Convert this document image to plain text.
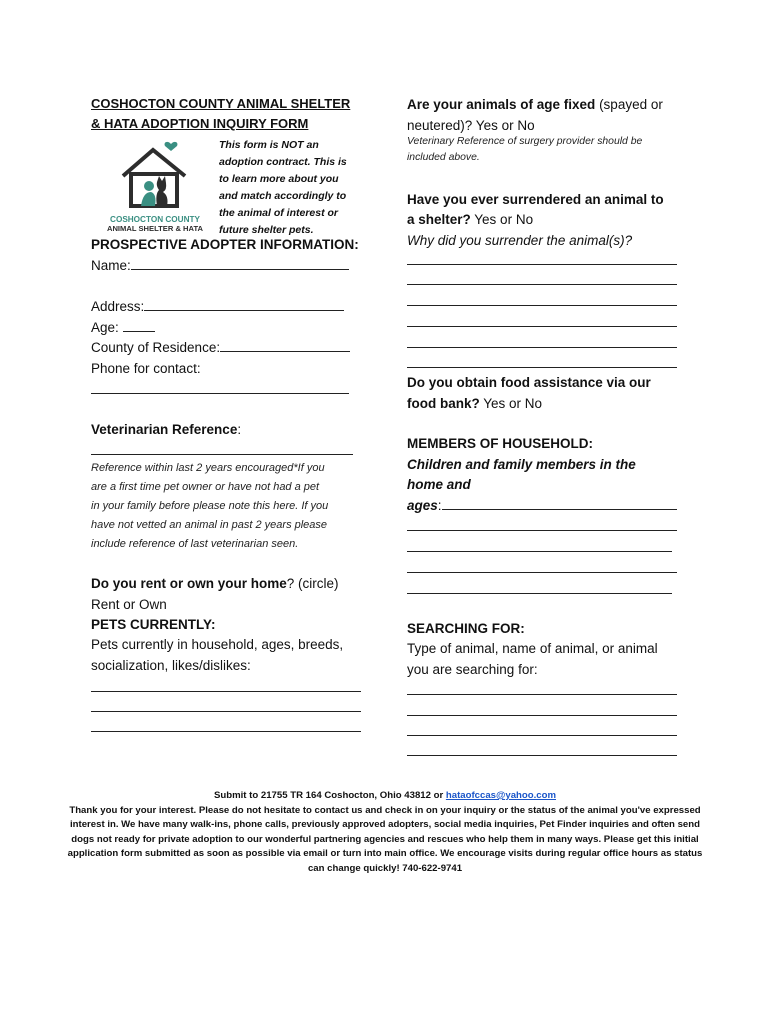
COSHOCTON COUNTY ANIMAL SHELTER
& HATA ADOPTION INQUIRY FORM
COSHOCTON COUNTY
ANIMAL SHELTER & HATA
This form is NOT an
adoption contract. This is
to learn more about you
and match accordingly to
the animal of interest or
future shelter pets.
PROSPECTIVE ADOPTER INFORMATION:
Name:
Address:
Age:
County of Residence:
Phone for contact:
Veterinarian Reference:
Reference within last 2 years encouraged*If you
are a first time pet owner or have not had a pet
in your family before please note this here. If you
have not vetted an animal in past 2 years please
include reference of last veterinarian seen.
Do you rent or own your home? (circle)
Rent or Own
PETS CURRENTLY:
Pets currently in household, ages, breeds,
socialization, likes/dislikes:
Are your animals of age fixed (spayed or
neutered)? Yes or No
Veterinary Reference of surgery provider should be
included above.
Have you ever surrendered an animal to
a shelter? Yes or No
Why did you surrender the animal(s)?
Do you obtain food assistance via our
food bank? Yes or No
MEMBERS OF HOUSEHOLD:
Children and family members in the
home and
ages:
SEARCHING FOR:
Type of animal, name of animal, or animal
you are searching for:
Submit to 21755 TR 164 Coshocton, Ohio 43812 or hataofccas@yahoo.com
Thank you for your interest. Please do not hesitate to contact us and check in on your inquiry or the status of the animal you've expressed interest in. We have many walk-ins, phone calls, previously approved adopters, social media inquiries, Pet Finder inquiries and often send dogs not ready for private adoption to our wonderful partnering agencies and rescues who help them in many ways. Please get this initial application form submitted as soon as possible via email or turn into main office. We encourage visits during regular office hours as status can change quickly! 740-622-9741
